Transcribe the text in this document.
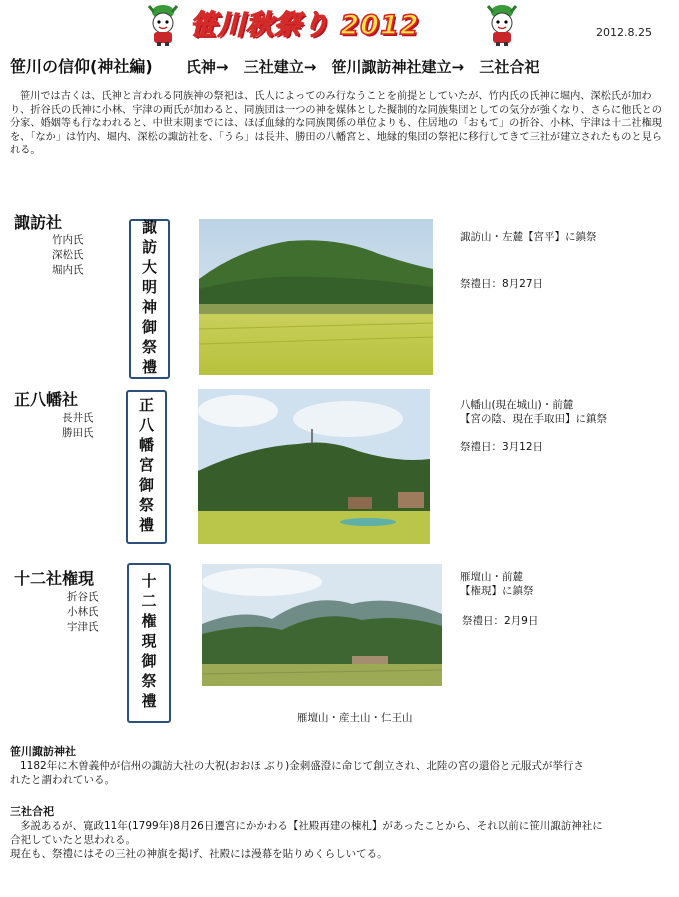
笹川秋祭り 2012	2012.8.25
笹川の信仰(神社編) 氏神→ 三社建立→ 笹川諏訪神社建立→ 三社合祀
笹川では古くは、氏神と言われる同族神の祭祀は、氏人によってのみ行なうことを前提としていたが、竹内氏の氏神に堀内、深松氏が加わり、折谷氏の氏神に小林、宇津の両氏が加わると、同族団は一つの神を媒体とした擬制的な同族集団としての気分が強くなり、さらに他氏との分家、婚姻等も行なわれると、中世末期までには、ほぼ血縁的な同族関係の単位よりも、住居地の「おもて」の折谷、小林、宇津は十二社権現を、「なか」は竹内、堀内、深松の諏訪社を、「うら」は長井、勝田の八幡宮と、地縁的集団の祭祀に移行してきて三社が建立されたものと見られる。
諏訪社
竹内氏
深松氏
堀内氏	諏訪大明神御祭禮	諏訪山・左麓【宮平】に鎮祭
祭禮日：8月27日
正八幡社
長井氏
勝田氏	正八幡宮御祭禮	八幡山(現在城山)・前麓
【宮の陰、現在手取田】に鎮祭
祭禮日：3月12日
十二社権現
折谷氏
小林氏
宇津氏	十二権現御祭禮	雁壇山・前麓
【権現】に鎮祭
祭禮日：2月9日
雁壇山・産土山・仁王山
笹川諏訪神社
1182年に木曽義仲が信州の諏訪大社の大祝(おおほ ぶり)金刺盛澄に命じて創立され、北陸の宮の還俗と元服式が挙行さ
れたと謂われている。
三社合祀
多説あるが、寛政11年(1799年)8月26日遷宮にかかわる【社殿再建の棟札】があったことから、それ以前に笹川諏訪神社に
合祀していたと思われる。
現在も、祭禮にはその三社の神旗を掲げ、社殿には漫幕を貼りめくらしいてる。
